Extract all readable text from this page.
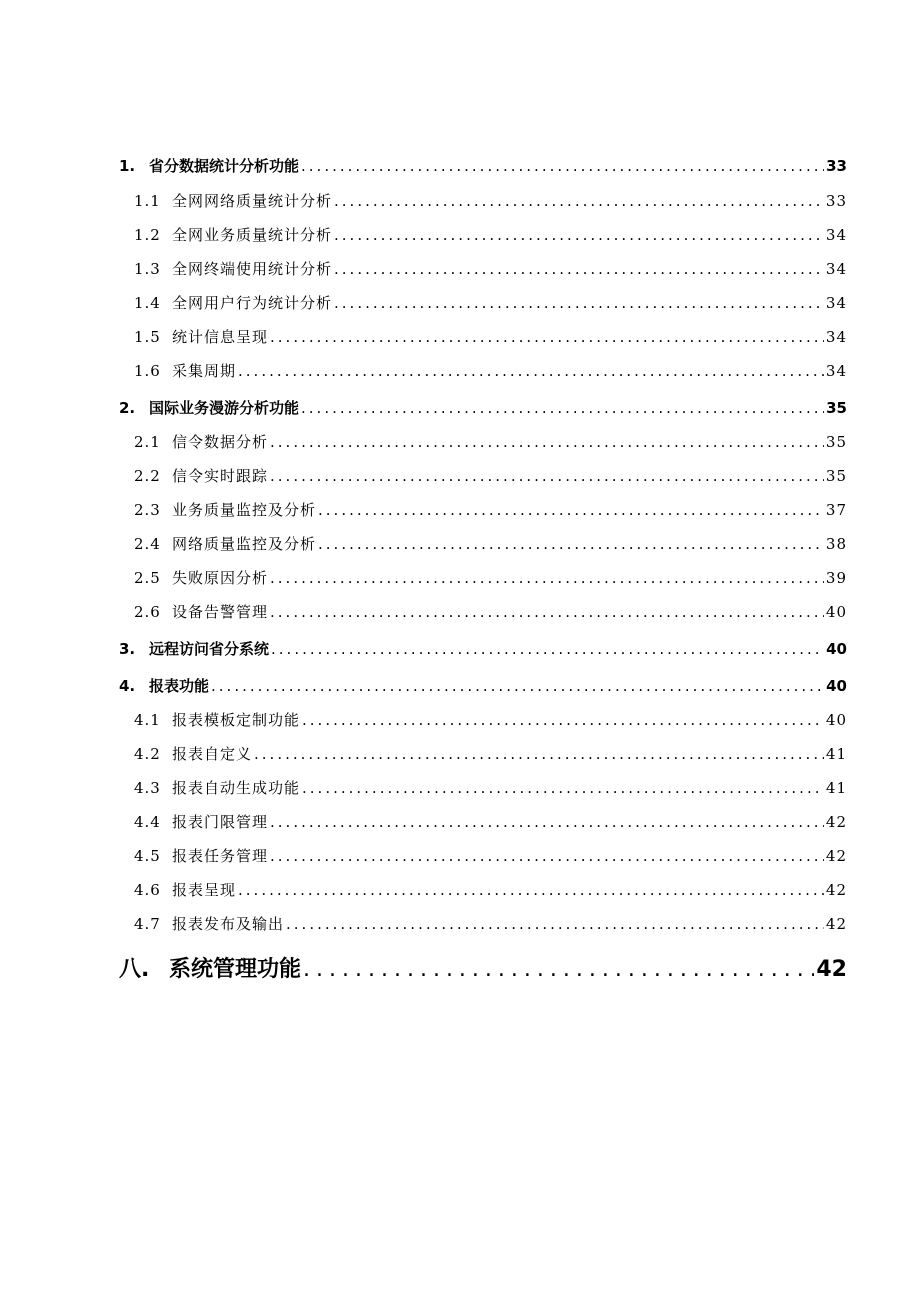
1. 省分数据统计分析功能 .....	33
1.1 全网网络质量统计分析 .....	33
1.2 全网业务质量统计分析 .....	34
1.3 全网终端使用统计分析 .....	34
1.4 全网用户行为统计分析 .....	34
1.5 统计信息呈现 .....	34
1.6 采集周期 .....	34
2. 国际业务漫游分析功能 .....	35
2.1 信令数据分析 .....	35
2.2 信令实时跟踪 .....	35
2.3 业务质量监控及分析 .....	37
2.4 网络质量监控及分析 .....	38
2.5 失败原因分析 .....	39
2.6 设备告警管理 .....	40
3. 远程访问省分系统 .....	40
4. 报表功能 .....	40
4.1 报表模板定制功能 .....	40
4.2 报表自定义 .....	41
4.3 报表自动生成功能 .....	41
4.4 报表门限管理 .....	42
4.5 报表任务管理 .....	42
4.6 报表呈现 .....	42
4.7 报表发布及输出 .....	42
八. 系统管理功能 .....	42
